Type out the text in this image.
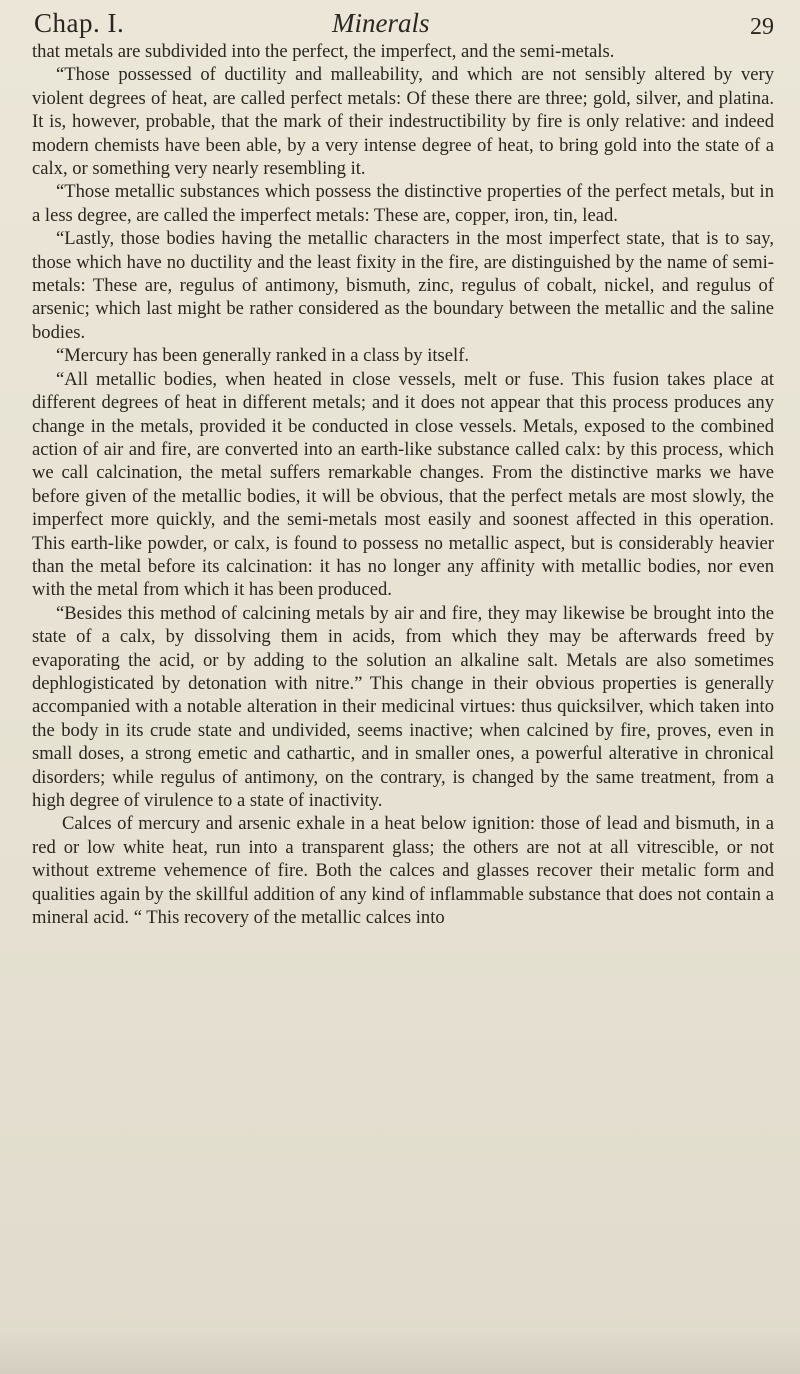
Chap. I.	Minerals	29

that metals are subdivided into the perfect, the imperfect, and the semi-metals.

“Those possessed of ductility and malleability, and which are not sensibly altered by very violent degrees of heat, are called perfect metals: Of these there are three; gold, silver, and platina. It is, however, probable, that the mark of their indestructibility by fire is only relative: and indeed modern chemists have been able, by a very intense degree of heat, to bring gold into the state of a calx, or something very nearly resembling it.

“Those metallic substances which possess the distinctive properties of the perfect metals, but in a less degree, are called the imperfect metals: These are, copper, iron, tin, lead.

“Lastly, those bodies having the metallic characters in the most imperfect state, that is to say, those which have no ductility and the least fixity in the fire, are distinguished by the name of semi-metals: These are, regulus of antimony, bismuth, zinc, regulus of cobalt, nickel, and regulus of arsenic; which last might be rather considered as the boundary between the metallic and the saline bodies.

“Mercury has been generally ranked in a class by itself.

“All metallic bodies, when heated in close vessels, melt or fuse. This fusion takes place at different degrees of heat in different metals; and it does not appear that this process produces any change in the metals, provided it be conducted in close vessels. Metals, exposed to the combined action of air and fire, are converted into an earth-like substance called calx: by this process, which we call calcination, the metal suffers remarkable changes. From the distinctive marks we have before given of the metallic bodies, it will be obvious, that the perfect metals are most slowly, the imperfect more quickly, and the semi-metals most easily and soonest affected in this operation. This earth-like powder, or calx, is found to possess no metallic aspect, but is considerably heavier than the metal before its calcination: it has no longer any affinity with metallic bodies, nor even with the metal from which it has been produced.

“Besides this method of calcining metals by air and fire, they may likewise be brought into the state of a calx, by dissolving them in acids, from which they may be afterwards freed by evaporating the acid, or by adding to the solution an alkaline salt. Metals are also sometimes dephlogisticated by detonation with nitre.” This change in their obvious properties is generally accompanied with a notable alteration in their medicinal virtues: thus quicksilver, which taken into the body in its crude state and undivided, seems inactive; when calcined by fire, proves, even in small doses, a strong emetic and cathartic, and in smaller ones, a powerful alterative in chronical disorders; while regulus of antimony, on the contrary, is changed by the same treatment, from a high degree of virulence to a state of inactivity.

Calces of mercury and arsenic exhale in a heat below ignition: those of lead and bismuth, in a red or low white heat, run into a transparent glass; the others are not at all vitrescible, or not without extreme vehemence of fire. Both the calces and glasses recover their metalic form and qualities again by the skillful addition of any kind of inflammable substance that does not contain a mineral acid. “ This recovery of the metallic calces into
